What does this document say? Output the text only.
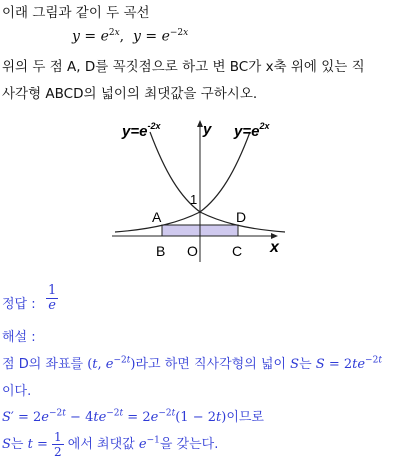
이래 그림과 같이 두 곡선
$y = e^{2x}$,  $y = e^{-2x}$
위의 두 점 A, D를 꼭짓점으로 하고 변 BC가 x축 위에 있는 직
사각형 ABCD의 넓이의 최댓값을 구하시오.
$y=e^{-2x}$	y $y=e^{2x}$
1
A	D
B O C x
정답 : $\frac{1}{e}$
해설 :
점 D의 좌표를 (t, $e^{-2t}$)라고 하면 직사각형의 넓이 S는 $S = 2te^{-2t}$
이다.
$S' = 2e^{-2t} - 4te^{-2t} = 2e^{-2t}(1 - 2t)$이므로
S는 $t = \frac{1}{2}$ 에서 최댓값 $e^{-1}$을 갖는다.
